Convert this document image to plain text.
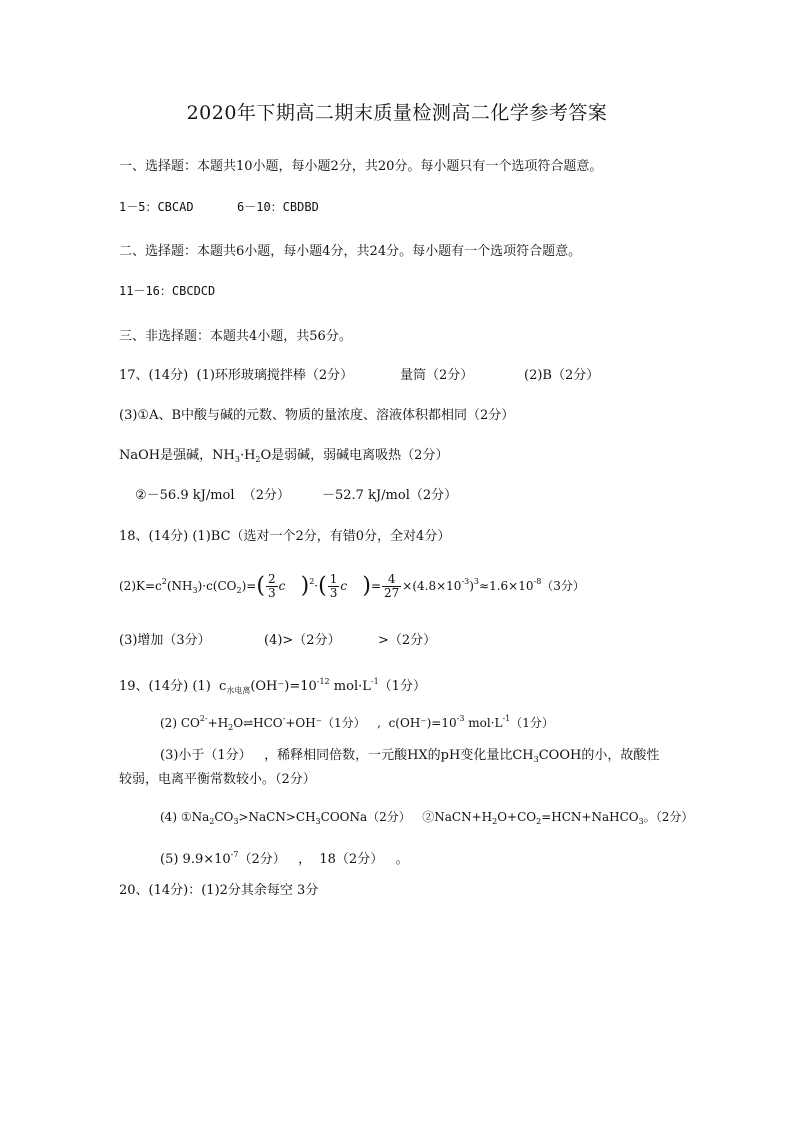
2020年下期高二期末质量检测高二化学参考答案
一、选择题：本题共10小题，每小题2分，共20分。每小题只有一个选项符合题意。
1－5：CBCAD	6－10：CBDBD
二、选择题：本题共6小题，每小题4分，共24分。每小题有一个选项符合题意。
11－16：CBCDCD
三、非选择题：本题共4小题，共56分。
17、(14分)  (1)环形玻璃搅拌棒（2分）	量筒（2分）	(2)B（2分）
(3)①A、B中酸与碱的元数、物质的量浓度、溶液体积都相同（2分）
NaOH是强碱，$NH_3\cdot H_2O$是弱碱，弱碱电离吸热（2分）
②－56.9 kJ/mol  （2分） －52.7 kJ/mol（2分）
18、(14分) (1)BC（选对一个2分，有错0分，全对4分）
$(2)K=c^2(NH_3)\cdot c(CO_2)=( \frac{2}{3}$ c )$^2\cdot( \frac{1}{3}$ c )= $\frac{4}{27} \times(4.8\times 10^{-3})^3\approx 1.6\times 10^{-8}(3$分）
(3)增加（3分）	(4)>（2分）	>（2分）
19、(14分) (1)  $c_{水电离}(OH^-)=10^{-12}$ $mol\cdot L^{-1}(1$分）
(2) $CO^{2-}+H_2O\rightleftharpoons HCO^-+OH^-(1$分）   ,  $c(OH^-)=10^{-3}$ $mol\cdot L^{-1}(1$分）
(3)小于（1分）   ，稀释相同倍数，一元酸HX的pH变化量比$CH_3COOH$的小，故酸性
较弱，电离平衡常数较小。（2分）
(4) $①Na_2CO_3>NaCN>CH_3COONa(2$分）   $②NaCN+H_2O+CO_2=HCN+NaHCO_3$。（2分）
(5) $9.9\times 10^{-7}(2$分）   ，  18（2分）   。
20、(14分)：(1)2分其余每空 3分
